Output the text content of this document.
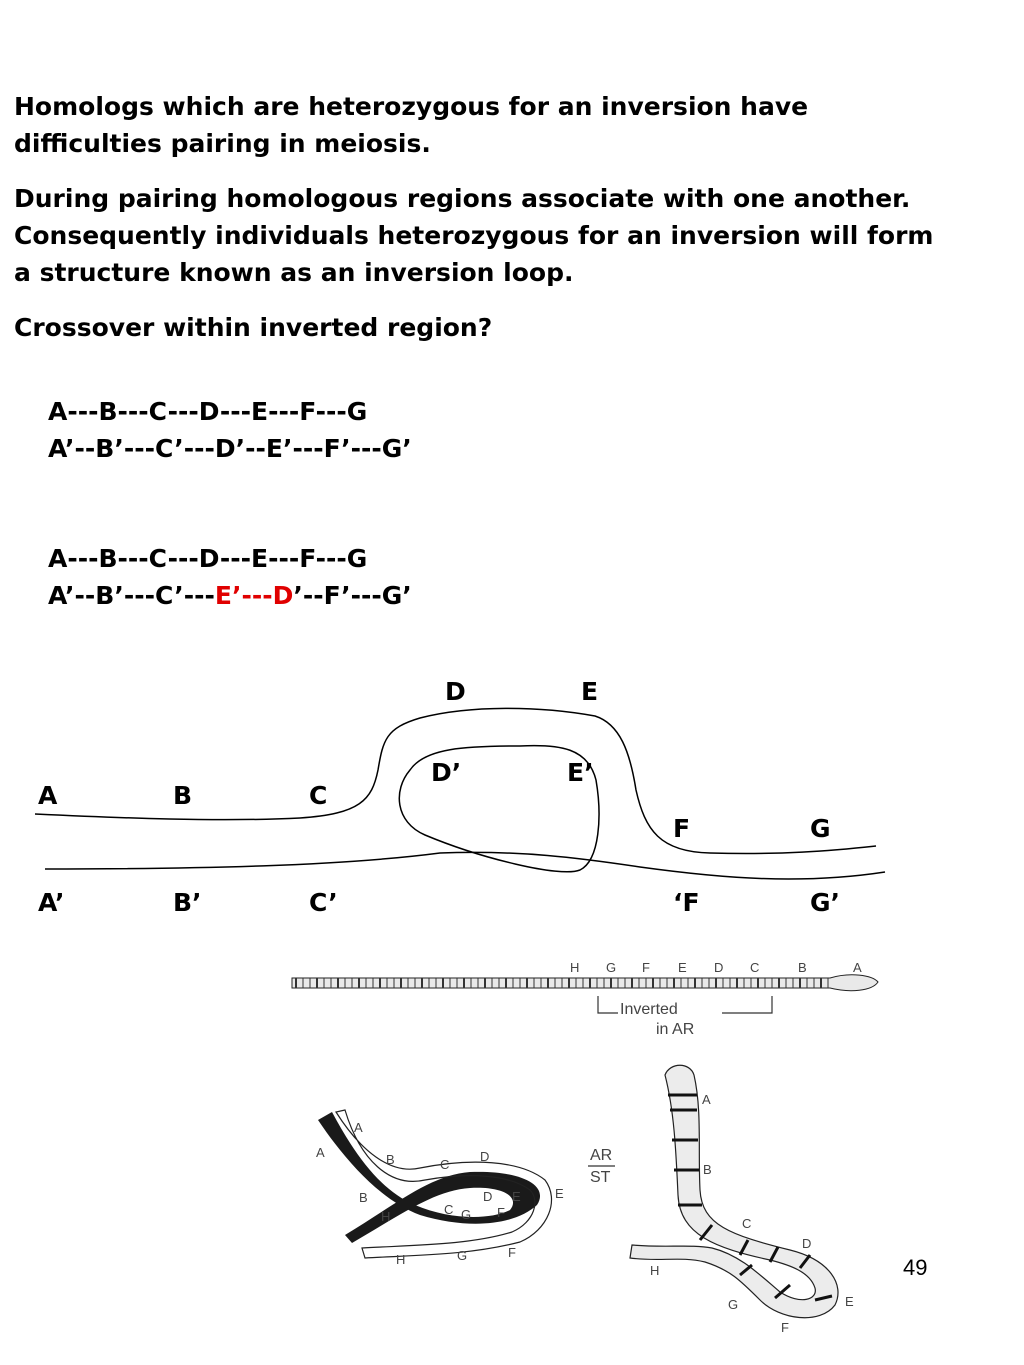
Homologs which are heterozygous for an inversion have

difficulties pairing in meiosis.

During pairing homologous regions associate with one another.

Consequently individuals heterozygous for an inversion will form

a structure known as an inversion loop.

Crossover within inverted region?

A---B---C---D---E---F---G

A’--B’---C’---D’--E’---F’---G’

A---B---C---D---E---F---G

A’--B’---C’---E’---D’--F’---G’

A	B	C
D	E
F	G
D’	E’
A’	B’	C’	‘F	G’
H G F E D C	B	A
Inverted
in AR
AR
ST
A
A	B
B
C
D
H	C G
D
F
E	E
H	G	F
A
B
C
D
H
G
F
E
49
